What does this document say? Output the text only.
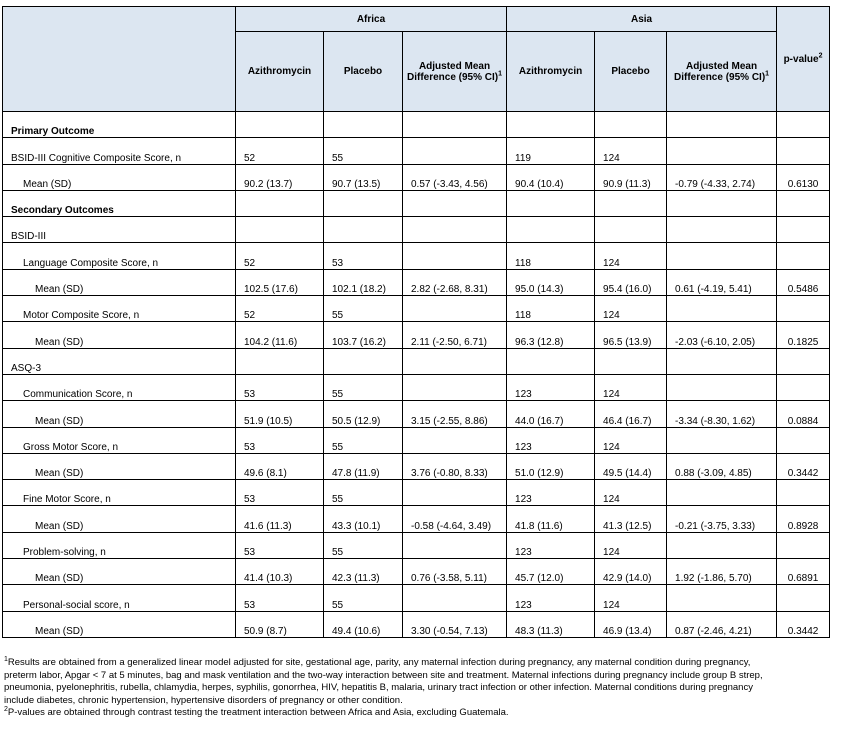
	Africa			Asia			p-value$^2$
	Azithromycin	Placebo	Adjusted Mean Difference (95% CI)$^1$	Azithromycin	Placebo	Adjusted Mean Difference (95% CI)$^1$
Primary Outcome							
BSID-III Cognitive Composite Score, n	52	55		119	124		
Mean (SD)	90.2 (13.7)	90.7 (13.5)	0.57 (-3.43, 4.56)	90.4 (10.4)	90.9 (11.3)	-0.79 (-4.33, 2.74)	0.6130
Secondary Outcomes							
BSID-III							
Language Composite Score, n	52	53		118	124		
Mean (SD)	102.5 (17.6)	102.1 (18.2)	2.82 (-2.68, 8.31)	95.0 (14.3)	95.4 (16.0)	0.61 (-4.19, 5.41)	0.5486
Motor Composite Score, n	52	55		118	124		
Mean (SD)	104.2 (11.6)	103.7 (16.2)	2.11 (-2.50, 6.71)	96.3 (12.8)	96.5 (13.9)	-2.03 (-6.10, 2.05)	0.1825
ASQ-3							
Communication Score, n	53	55		123	124		
Mean (SD)	51.9 (10.5)	50.5 (12.9)	3.15 (-2.55, 8.86)	44.0 (16.7)	46.4 (16.7)	-3.34 (-8.30, 1.62)	0.0884
Gross Motor Score, n	53	55		123	124		
Mean (SD)	49.6 (8.1)	47.8 (11.9)	3.76 (-0.80, 8.33)	51.0 (12.9)	49.5 (14.4)	0.88 (-3.09, 4.85)	0.3442
Fine Motor Score, n	53	55		123	124		
Mean (SD)	41.6 (11.3)	43.3 (10.1)	-0.58 (-4.64, 3.49)	41.8 (11.6)	41.3 (12.5)	-0.21 (-3.75, 3.33)	0.8928
Problem-solving, n	53	55		123	124		
Mean (SD)	41.4 (10.3)	42.3 (11.3)	0.76 (-3.58, 5.11)	45.7 (12.0)	42.9 (14.0)	1.92 (-1.86, 5.70)	0.6891
Personal-social score, n	53	55		123	124		
Mean (SD)	50.9 (8.7)	49.4 (10.6)	3.30 (-0.54, 7.13)	48.3 (11.3)	46.9 (13.4)	0.87 (-2.46, 4.21)	0.3442

$^1$Results are obtained from a generalized linear model adjusted for site, gestational age, parity, any maternal infection during pregnancy, any maternal condition during pregnancy, preterm labor, Apgar < 7 at 5 minutes, bag and mask ventilation and the two-way interaction between site and treatment. Maternal infections during pregnancy include group B strep, pneumonia, pyelonephritis, rubella, chlamydia, herpes, syphilis, gonorrhea, HIV, hepatitis B, malaria, urinary tract infection or other infection. Maternal conditions during pregnancy include diabetes, chronic hypertension, hypertensive disorders of pregnancy or other condition.

$^2$P-values are obtained through contrast testing the treatment interaction between Africa and Asia, excluding Guatemala.
